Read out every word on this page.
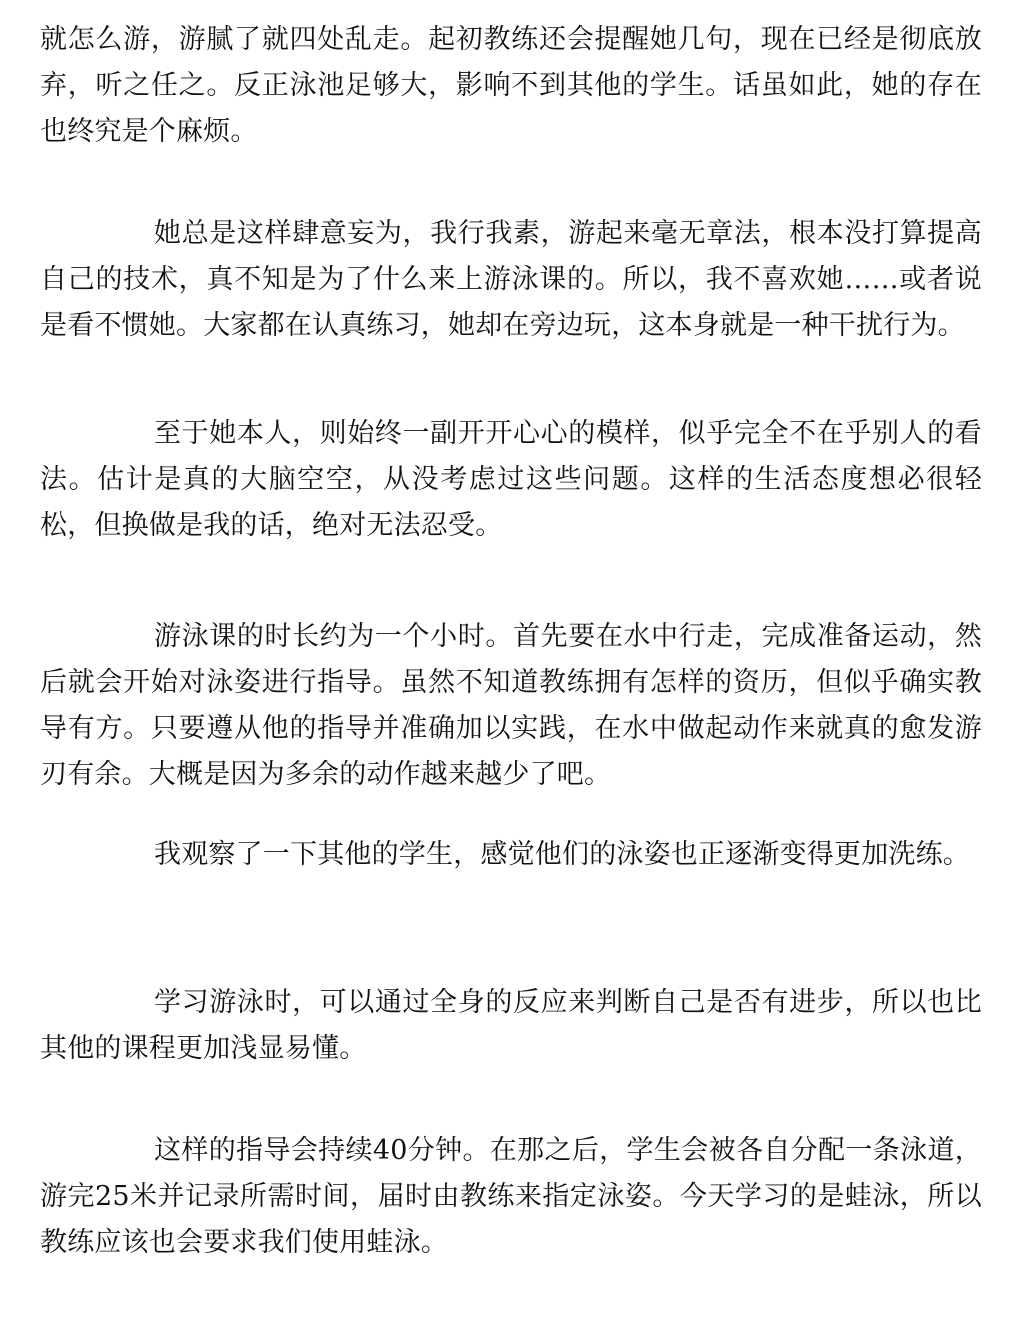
就怎么游，游腻了就四处乱走。起初教练还会提醒她几句，现在已经是彻底放弃，听之任之。反正泳池足够大，影响不到其他的学生。话虽如此，她的存在也终究是个麻烦。

她总是这样肆意妄为，我行我素，游起来毫无章法，根本没打算提高自己的技术，真不知是为了什么来上游泳课的。所以，我不喜欢她……或者说是看不惯她。大家都在认真练习，她却在旁边玩，这本身就是一种干扰行为。

至于她本人，则始终一副开开心心的模样，似乎完全不在乎别人的看法。估计是真的大脑空空，从没考虑过这些问题。这样的生活态度想必很轻松，但换做是我的话，绝对无法忍受。

游泳课的时长约为一个小时。首先要在水中行走，完成准备运动，然后就会开始对泳姿进行指导。虽然不知道教练拥有怎样的资历，但似乎确实教导有方。只要遵从他的指导并准确加以实践，在水中做起动作来就真的愈发游刃有余。大概是因为多余的动作越来越少了吧。

我观察了一下其他的学生，感觉他们的泳姿也正逐渐变得更加洗练。

学习游泳时，可以通过全身的反应来判断自己是否有进步，所以也比其他的课程更加浅显易懂。

这样的指导会持续40分钟。在那之后，学生会被各自分配一条泳道，游完25米并记录所需时间，届时由教练来指定泳姿。今天学习的是蛙泳，所以教练应该也会要求我们使用蛙泳。
